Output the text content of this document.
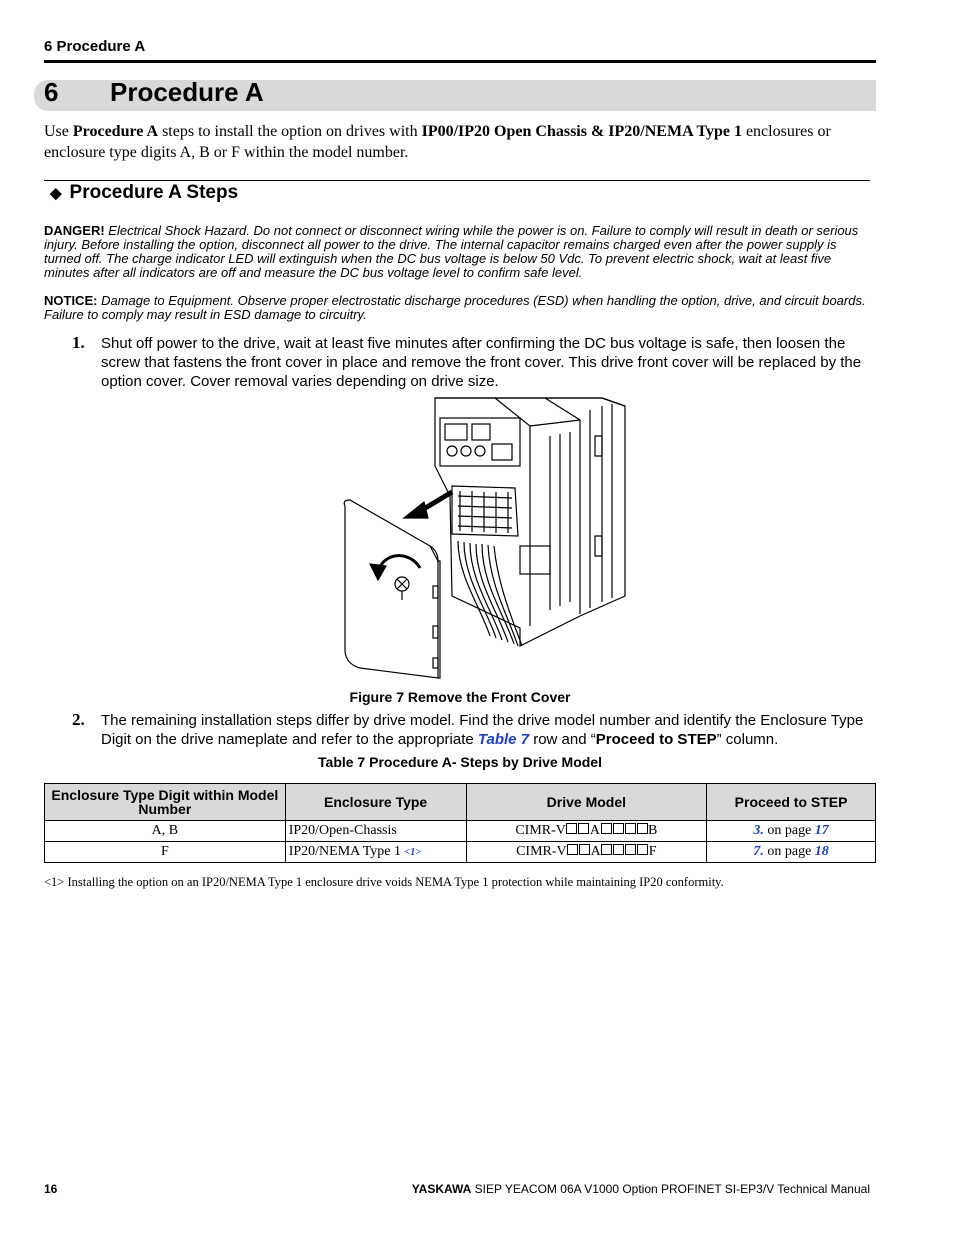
6 Procedure A
6 Procedure A
Use Procedure A steps to install the option on drives with IP00/IP20 Open Chassis & IP20/NEMA Type 1 enclosures or enclosure type digits A, B or F within the model number.
◆ Procedure A Steps
DANGER! Electrical Shock Hazard. Do not connect or disconnect wiring while the power is on. Failure to comply will result in death or serious injury. Before installing the option, disconnect all power to the drive. The internal capacitor remains charged even after the power supply is turned off. The charge indicator LED will extinguish when the DC bus voltage is below 50 Vdc. To prevent electric shock, wait at least five minutes after all indicators are off and measure the DC bus voltage level to confirm safe level.
NOTICE: Damage to Equipment. Observe proper electrostatic discharge procedures (ESD) when handling the option, drive, and circuit boards. Failure to comply may result in ESD damage to circuitry.
1. Shut off power to the drive, wait at least five minutes after confirming the DC bus voltage is safe, then loosen the screw that fastens the front cover in place and remove the front cover. This drive front cover will be replaced by the option cover. Cover removal varies depending on drive size.
Figure 7 Remove the Front Cover
2. The remaining installation steps differ by drive model. Find the drive model number and identify the Enclosure Type Digit on the drive nameplate and refer to the appropriate Table 7 row and “Proceed to STEP” column.
Table 7 Procedure A- Steps by Drive Model
Enclosure Type Digit within Model Number	Enclosure Type	Drive Model	Proceed to STEP
A, B	IP20/Open-Chassis	CIMR-V A B	3. on page 17
F	IP20/NEMA Type 1 <1>	CIMR-V A F	7. on page 18
<1> Installing the option on an IP20/NEMA Type 1 enclosure drive voids NEMA Type 1 protection while maintaining IP20 conformity.
16	YASKAWA SIEP YEACOM 06A V1000 Option PROFINET SI-EP3/V Technical Manual
